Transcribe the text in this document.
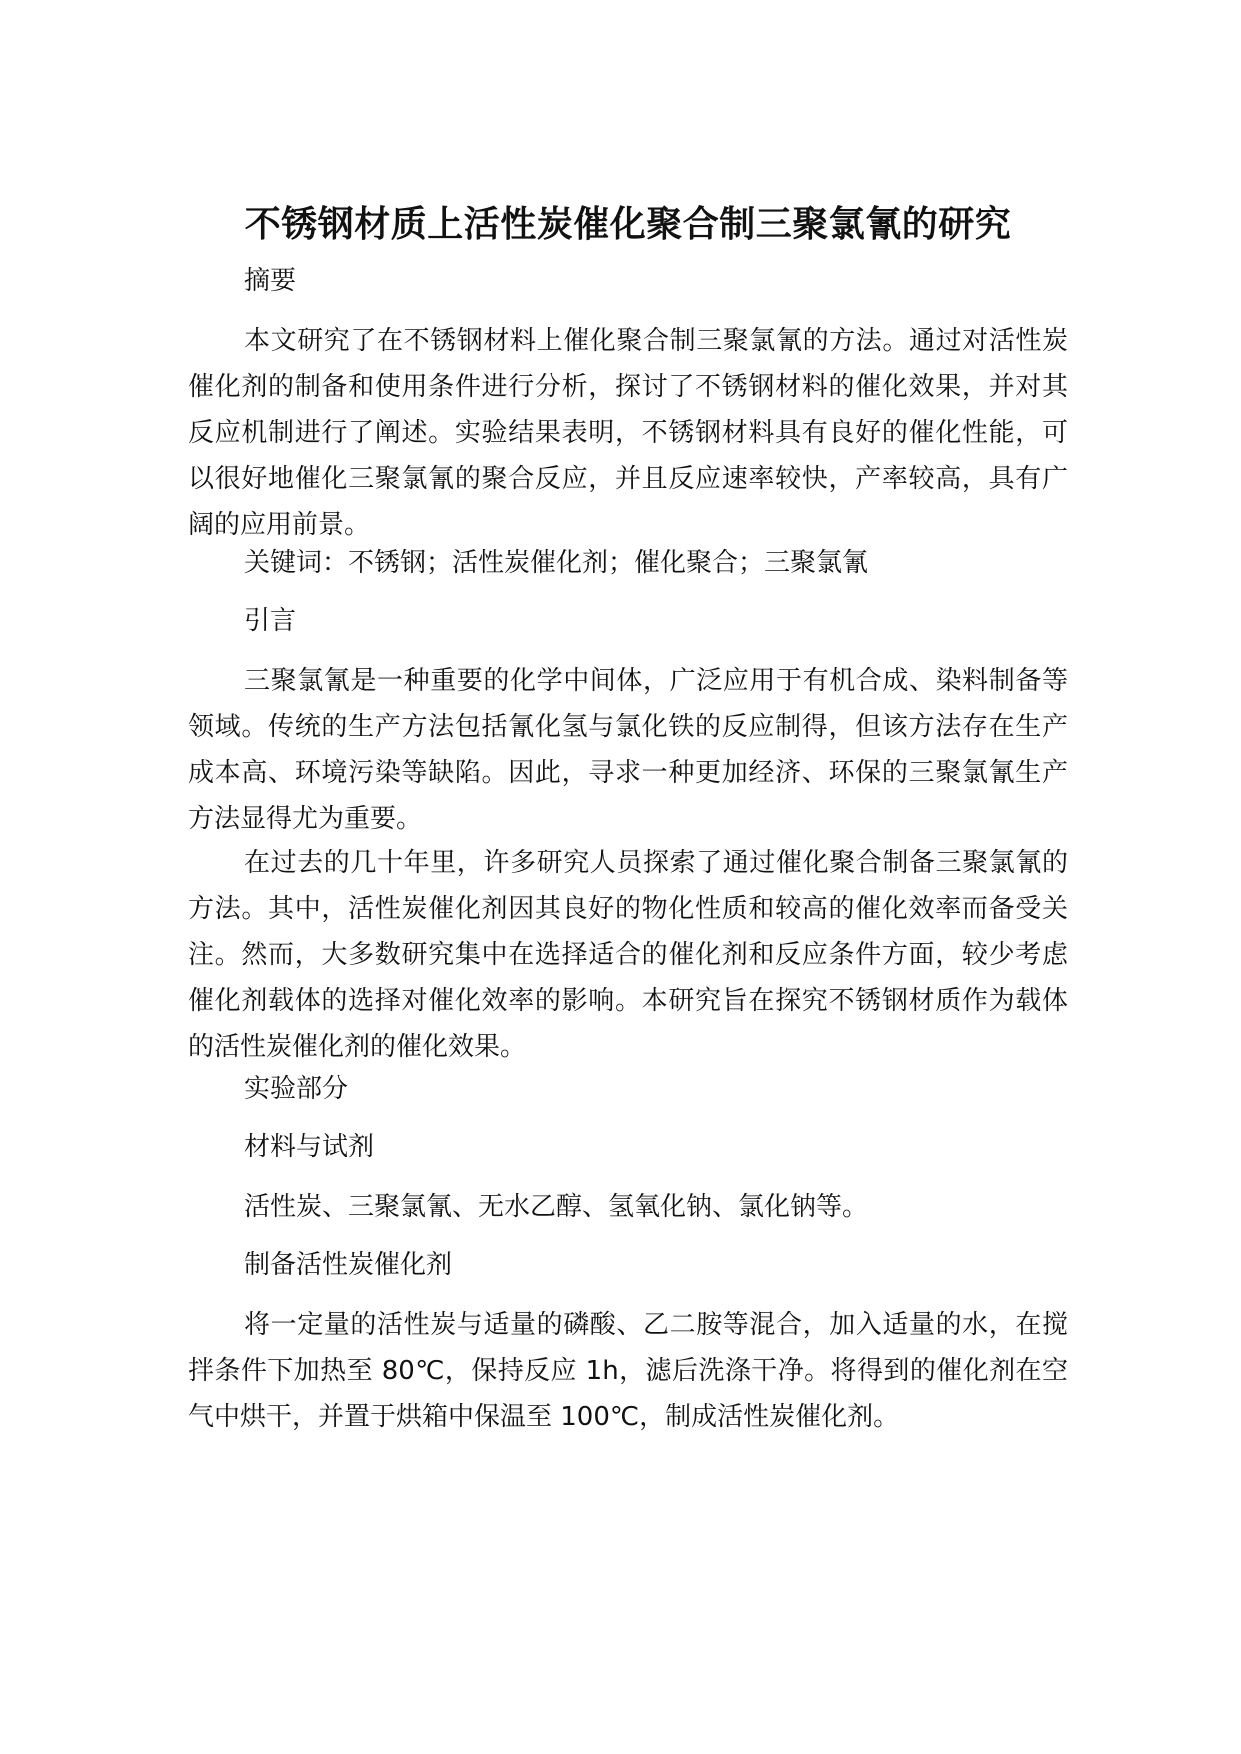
不锈钢材质上活性炭催化聚合制三聚氯氰的研究

摘要

本文研究了在不锈钢材料上催化聚合制三聚氯氰的方法。通过对活性炭催化剂的制备和使用条件进行分析，探讨了不锈钢材料的催化效果，并对其反应机制进行了阐述。实验结果表明，不锈钢材料具有良好的催化性能，可以很好地催化三聚氯氰的聚合反应，并且反应速率较快，产率较高，具有广阔的应用前景。

关键词：不锈钢；活性炭催化剂；催化聚合；三聚氯氰

引言

三聚氯氰是一种重要的化学中间体，广泛应用于有机合成、染料制备等领域。传统的生产方法包括氰化氢与氯化铁的反应制得，但该方法存在生产成本高、环境污染等缺陷。因此，寻求一种更加经济、环保的三聚氯氰生产方法显得尤为重要。

在过去的几十年里，许多研究人员探索了通过催化聚合制备三聚氯氰的方法。其中，活性炭催化剂因其良好的物化性质和较高的催化效率而备受关注。然而，大多数研究集中在选择适合的催化剂和反应条件方面，较少考虑催化剂载体的选择对催化效率的影响。本研究旨在探究不锈钢材质作为载体的活性炭催化剂的催化效果。

实验部分

材料与试剂

活性炭、三聚氯氰、无水乙醇、氢氧化钠、氯化钠等。

制备活性炭催化剂

将一定量的活性炭与适量的磷酸、乙二胺等混合，加入适量的水，在搅拌条件下加热至 80℃，保持反应 1h，滤后洗涤干净。将得到的催化剂在空气中烘干，并置于烘箱中保温至 100℃，制成活性炭催化剂。
